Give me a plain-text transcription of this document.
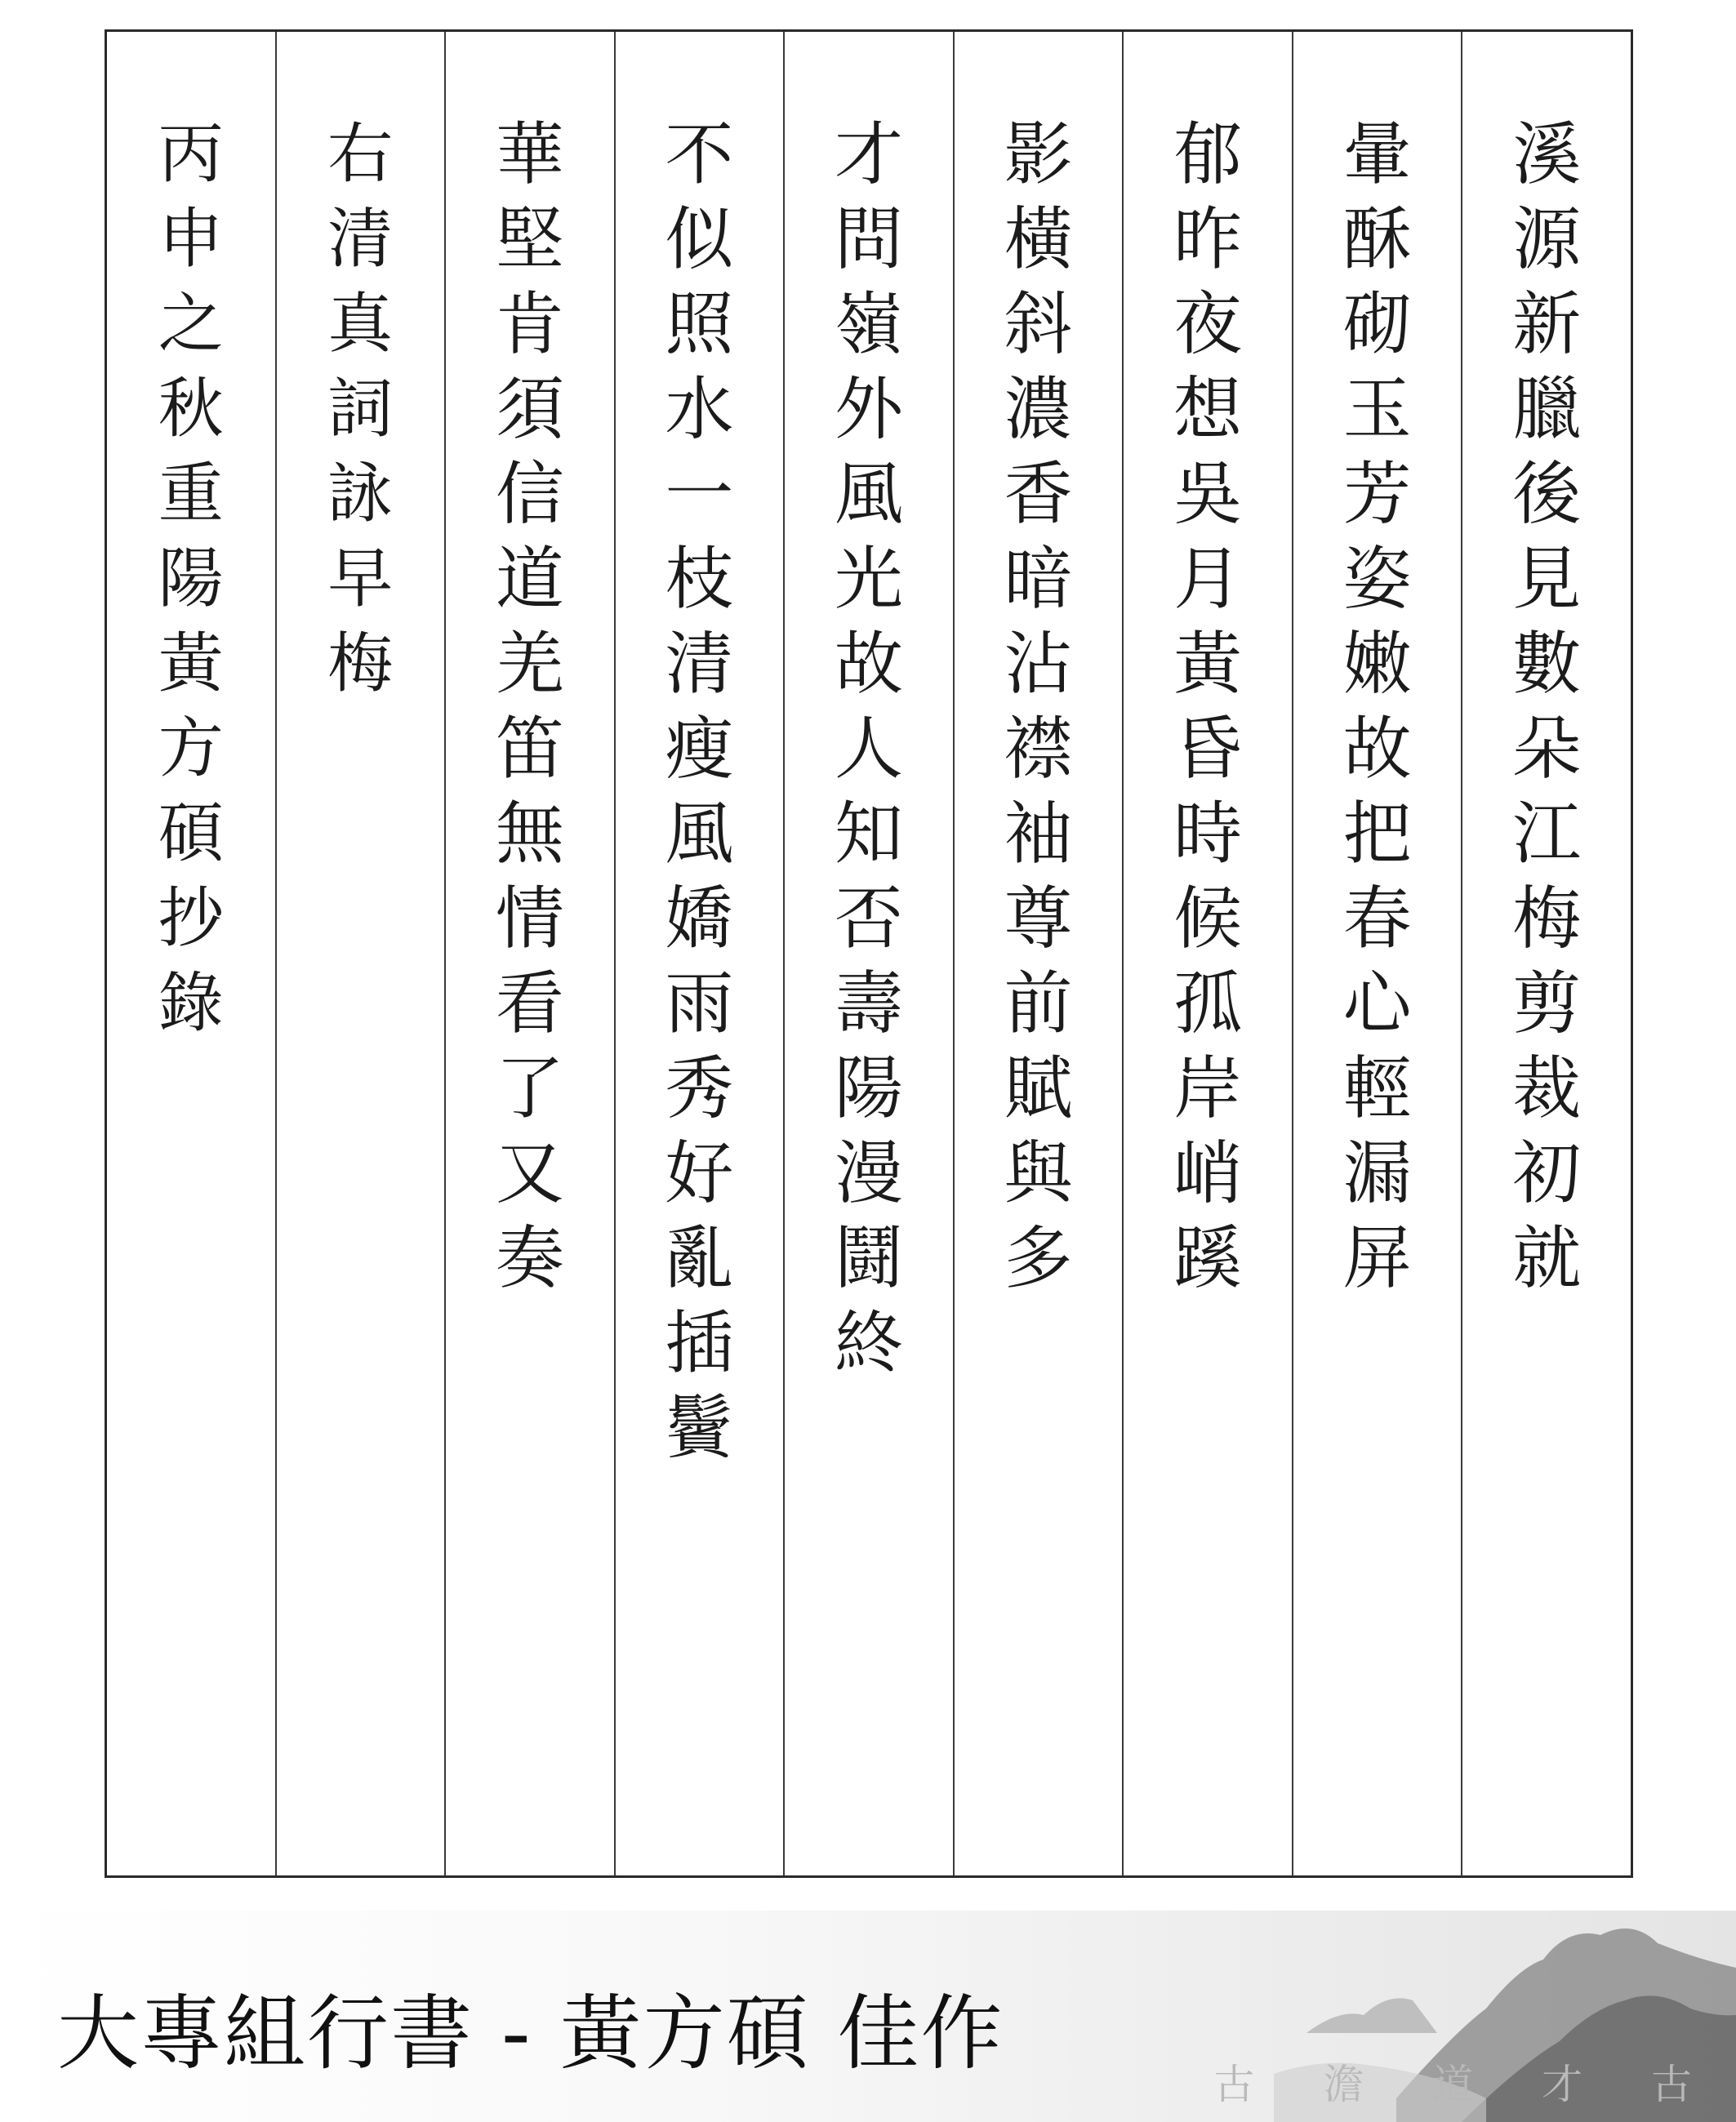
溪
源
新
臘
後
見
數
朵
江
梅
剪
裁
初
就
暈
酥
砌
玉
芳
姿
嫩
故
把
春
心
輕
漏
屏
郁
昨
夜
想
吳
月
黃
昏
時
候
孤
岸
峭
蹊
影
橫
斜
濃
香
暗
沾
襟
袖
尊
前
賦
與
多
才
問
嶺
外
風
光
故
人
知
否
壽
陽
漫
鬪
終
不
似
照
水
一
枝
清
瘦
風
嬌
雨
秀
好
亂
插
鬢
華
堅
肯
須
信
道
羌
笛
無
情
看
了
又
奏
右
清
真
詞
詠
早
梅
丙
申
之
秋
重
陽
黃
方
碩
抄
錄
大專組行書 - 黃方碩 佳作
古 澹 道 才 古
